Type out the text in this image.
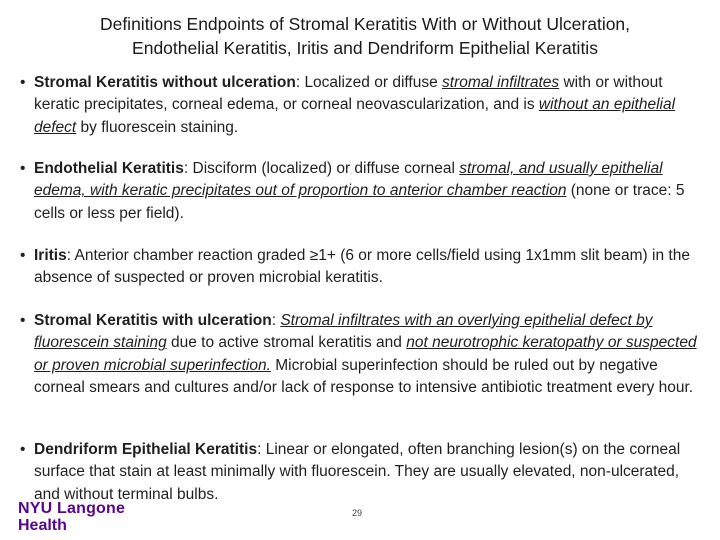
Definitions Endpoints of Stromal Keratitis With or Without Ulceration, Endothelial Keratitis, Iritis and Dendriform Epithelial Keratitis
• Stromal Keratitis without ulceration: Localized or diffuse stromal infiltrates with or without keratic precipitates, corneal edema, or corneal neovascularization, and is without an epithelial defect by fluorescein staining.
• Endothelial Keratitis: Disciform (localized) or diffuse corneal stromal, and usually epithelial edema, with keratic precipitates out of proportion to anterior chamber reaction (none or trace: 5 cells or less per field).
• Iritis: Anterior chamber reaction graded ≥1+ (6 or more cells/field using 1x1mm slit beam) in the absence of suspected or proven microbial keratitis.
• Stromal Keratitis with ulceration: Stromal infiltrates with an overlying epithelial defect by fluorescein staining due to active stromal keratitis and not neurotrophic keratopathy or suspected or proven microbial superinfection. Microbial superinfection should be ruled out by negative corneal smears and cultures and/or lack of response to intensive antibiotic treatment every hour.
• Dendriform Epithelial Keratitis: Linear or elongated, often branching lesion(s) on the corneal surface that stain at least minimally with fluorescein. They are usually elevated, non-ulcerated, and without terminal bulbs.
NYU Langone
Health
29
